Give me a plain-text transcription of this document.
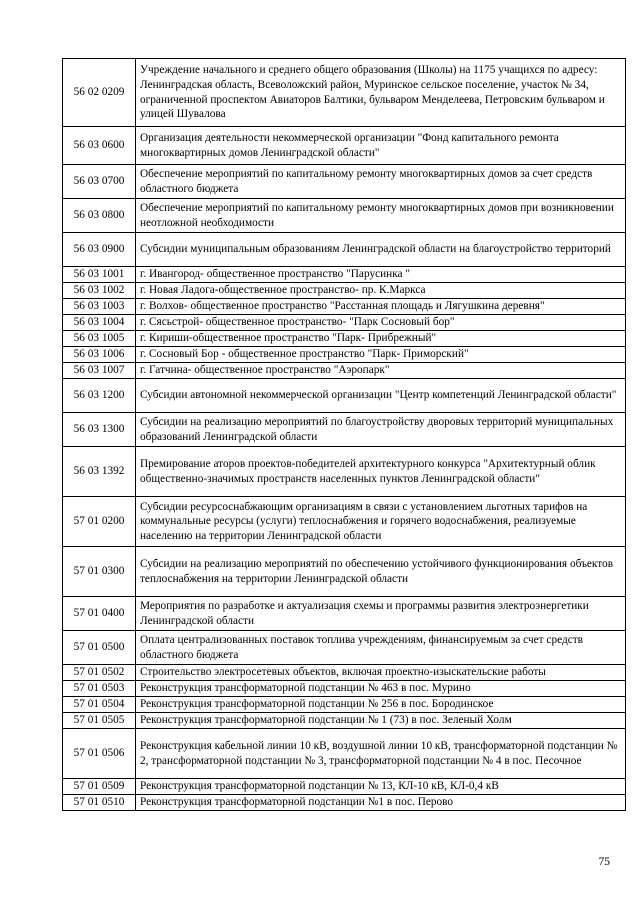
56 02 0209	Учреждение начального и среднего общего образования (Школы) на 1175 учащихся по адресу: Ленинградская область, Всеволожский район, Муринское сельское поселение, участок № 34, ограниченной проспектом Авиаторов Балтики, бульваром Менделеева, Петровским бульваром и улицей Шувалова
56 03 0600	Организация деятельности некоммерческой организации "Фонд капитального ремонта многоквартирных домов Ленинградской области"
56 03 0700	Обеспечение мероприятий по капитальному ремонту многоквартирных домов за счет средств областного бюджета
56 03 0800	Обеспечение мероприятий по капитальному ремонту многоквартирных домов при возникновении неотложной необходимости
56 03 0900	Субсидии муниципальным образованиям Ленинградской области на благоустройство территорий
56 03 1001	г. Ивангород- общественное пространство "Парусинка "
56 03 1002	г. Новая Ладога-общественное пространство- пр. К.Маркса
56 03 1003	г. Волхов- общественное пространство "Расстанная площадь и Лягушкина деревня"
56 03 1004	г. Сясьстрой- общественное пространство- "Парк Сосновый бор"
56 03 1005	г. Кириши-общественное пространство "Парк- Прибрежный"
56 03 1006	г. Сосновый Бор - общественное пространство "Парк- Приморский"
56 03 1007	г. Гатчина- общественное пространство "Аэропарк"
56 03 1200	Субсидии автономной некоммерческой организации "Центр компетенций Ленинградской области"
56 03 1300	Субсидии на реализацию мероприятий по благоустройству дворовых территорий муниципальных образований Ленинградской области
56 03 1392	Премирование аторов проектов-победителей архитектурного конкурса "Архитектурный облик общественно-значимых пространств населенных пунктов Ленинградской области"
57 01 0200	Субсидии ресурсоснабжающим организациям в связи с установлением льготных тарифов на коммунальные ресурсы (услуги) теплоснабжения и горячего водоснабжения, реализуемые населению на территории Ленинградской области
57 01 0300	Субсидии на реализацию мероприятий по обеспечению устойчивого функционирования объектов теплоснабжения на территории Ленинградской области
57 01 0400	Мероприятия по разработке и актуализация схемы и программы развития электроэнергетики Ленинградской области
57 01 0500	Оплата централизованных поставок топлива учреждениям, финансируемым за счет средств областного бюджета
57 01 0502	Строительство электросетевых объектов, включая проектно-изыскательские работы
57 01 0503	Реконструкция трансформаторной подстанции № 463 в пос. Мурино
57 01 0504	Реконструкция трансформаторной подстанции № 256 в пос. Бородинское
57 01 0505	Реконструкция трансформаторной подстанции № 1 (73) в пос. Зеленый Холм
57 01 0506	Реконструкция кабельной линии 10 кВ, воздушной линии 10 кВ, трансформаторной подстанции № 2, трансформаторной подстанции № 3, трансформаторной подстанции № 4 в пос. Песочное
57 01 0509	Реконструкция трансформаторной подстанции № 13, КЛ-10 кВ, КЛ-0,4 кВ
57 01 0510	Реконструкция трансформаторной подстанции №1 в пос. Перово
75
